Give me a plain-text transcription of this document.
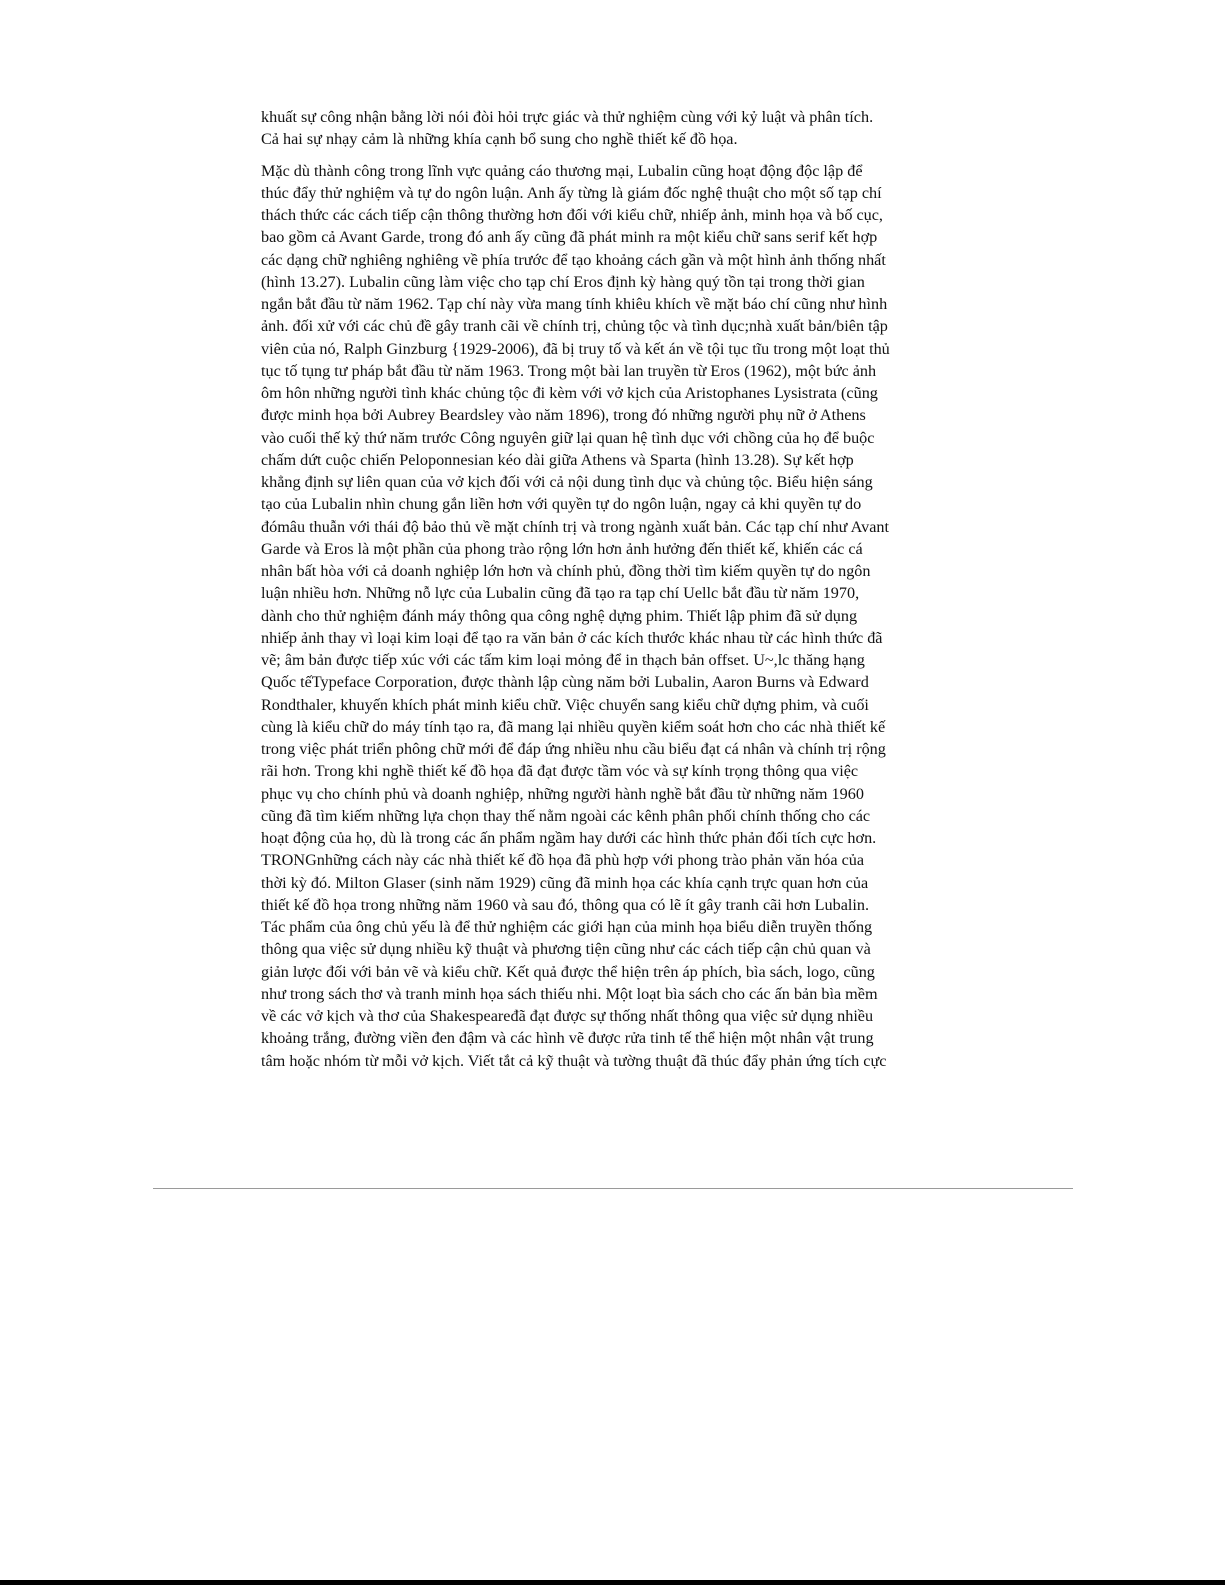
khuất sự công nhận bằng lời nói đòi hỏi trực giác và thử nghiệm cùng với kỷ luật và phân tích.
Cả hai sự nhạy cảm là những khía cạnh bổ sung cho nghề thiết kế đồ họa.

Mặc dù thành công trong lĩnh vực quảng cáo thương mại, Lubalin cũng hoạt động độc lập để
thúc đẩy thử nghiệm và tự do ngôn luận. Anh ấy từng là giám đốc nghệ thuật cho một số tạp chí
thách thức các cách tiếp cận thông thường hơn đối với kiểu chữ, nhiếp ảnh, minh họa và bố cục,
bao gồm cả Avant Garde, trong đó anh ấy cũng đã phát minh ra một kiểu chữ sans serif kết hợp
các dạng chữ nghiêng nghiêng về phía trước để tạo khoảng cách gần và một hình ảnh thống nhất
(hình 13.27). Lubalin cũng làm việc cho tạp chí Eros định kỳ hàng quý tồn tại trong thời gian
ngắn bắt đầu từ năm 1962. Tạp chí này vừa mang tính khiêu khích về mặt báo chí cũng như hình
ảnh. đối xử với các chủ đề gây tranh cãi về chính trị, chủng tộc và tình dục;nhà xuất bản/biên tập
viên của nó, Ralph Ginzburg {1929-2006), đã bị truy tố và kết án về tội tục tĩu trong một loạt thủ
tục tố tụng tư pháp bắt đầu từ năm 1963. Trong một bài lan truyền từ Eros (1962), một bức ảnh
ôm hôn những người tình khác chủng tộc đi kèm với vở kịch của Aristophanes Lysistrata (cũng
được minh họa bởi Aubrey Beardsley vào năm 1896), trong đó những người phụ nữ ở Athens
vào cuối thế kỷ thứ năm trước Công nguyên giữ lại quan hệ tình dục với chồng của họ để buộc
chấm dứt cuộc chiến Peloponnesian kéo dài giữa Athens và Sparta (hình 13.28). Sự kết hợp
khẳng định sự liên quan của vở kịch đối với cả nội dung tình dục và chủng tộc. Biểu hiện sáng
tạo của Lubalin nhìn chung gắn liền hơn với quyền tự do ngôn luận, ngay cả khi quyền tự do
đómâu thuẫn với thái độ bảo thủ về mặt chính trị và trong ngành xuất bản. Các tạp chí như Avant
Garde và Eros là một phần của phong trào rộng lớn hơn ảnh hưởng đến thiết kế, khiến các cá
nhân bất hòa với cả doanh nghiệp lớn hơn và chính phủ, đồng thời tìm kiếm quyền tự do ngôn
luận nhiều hơn. Những nỗ lực của Lubalin cũng đã tạo ra tạp chí Uellc bắt đầu từ năm 1970,
dành cho thử nghiệm đánh máy thông qua công nghệ dựng phim. Thiết lập phim đã sử dụng
nhiếp ảnh thay vì loại kim loại để tạo ra văn bản ở các kích thước khác nhau từ các hình thức đã
vẽ; âm bản được tiếp xúc với các tấm kim loại mỏng để in thạch bản offset. U~,lc thăng hạng
Quốc tếTypeface Corporation, được thành lập cùng năm bởi Lubalin, Aaron Burns và Edward
Rondthaler, khuyến khích phát minh kiểu chữ. Việc chuyển sang kiểu chữ dựng phim, và cuối
cùng là kiểu chữ do máy tính tạo ra, đã mang lại nhiều quyền kiểm soát hơn cho các nhà thiết kế
trong việc phát triển phông chữ mới để đáp ứng nhiều nhu cầu biểu đạt cá nhân và chính trị rộng
rãi hơn. Trong khi nghề thiết kế đồ họa đã đạt được tầm vóc và sự kính trọng thông qua việc
phục vụ cho chính phủ và doanh nghiệp, những người hành nghề bắt đầu từ những năm 1960
cũng đã tìm kiếm những lựa chọn thay thế nằm ngoài các kênh phân phối chính thống cho các
hoạt động của họ, dù là trong các ấn phẩm ngầm hay dưới các hình thức phản đối tích cực hơn.
TRONGnhững cách này các nhà thiết kế đồ họa đã phù hợp với phong trào phản văn hóa của
thời kỳ đó. Milton Glaser (sinh năm 1929) cũng đã minh họa các khía cạnh trực quan hơn của
thiết kế đồ họa trong những năm 1960 và sau đó, thông qua có lẽ ít gây tranh cãi hơn Lubalin.
Tác phẩm của ông chủ yếu là để thử nghiệm các giới hạn của minh họa biểu diễn truyền thống
thông qua việc sử dụng nhiều kỹ thuật và phương tiện cũng như các cách tiếp cận chủ quan và
giản lược đối với bản vẽ và kiểu chữ. Kết quả được thể hiện trên áp phích, bìa sách, logo, cũng
như trong sách thơ và tranh minh họa sách thiếu nhi. Một loạt bìa sách cho các ấn bản bìa mềm
về các vở kịch và thơ của Shakespeaređã đạt được sự thống nhất thông qua việc sử dụng nhiều
khoảng trắng, đường viền đen đậm và các hình vẽ được rửa tinh tế thể hiện một nhân vật trung
tâm hoặc nhóm từ mỗi vở kịch. Viết tắt cả kỹ thuật và tường thuật đã thúc đẩy phản ứng tích cực
